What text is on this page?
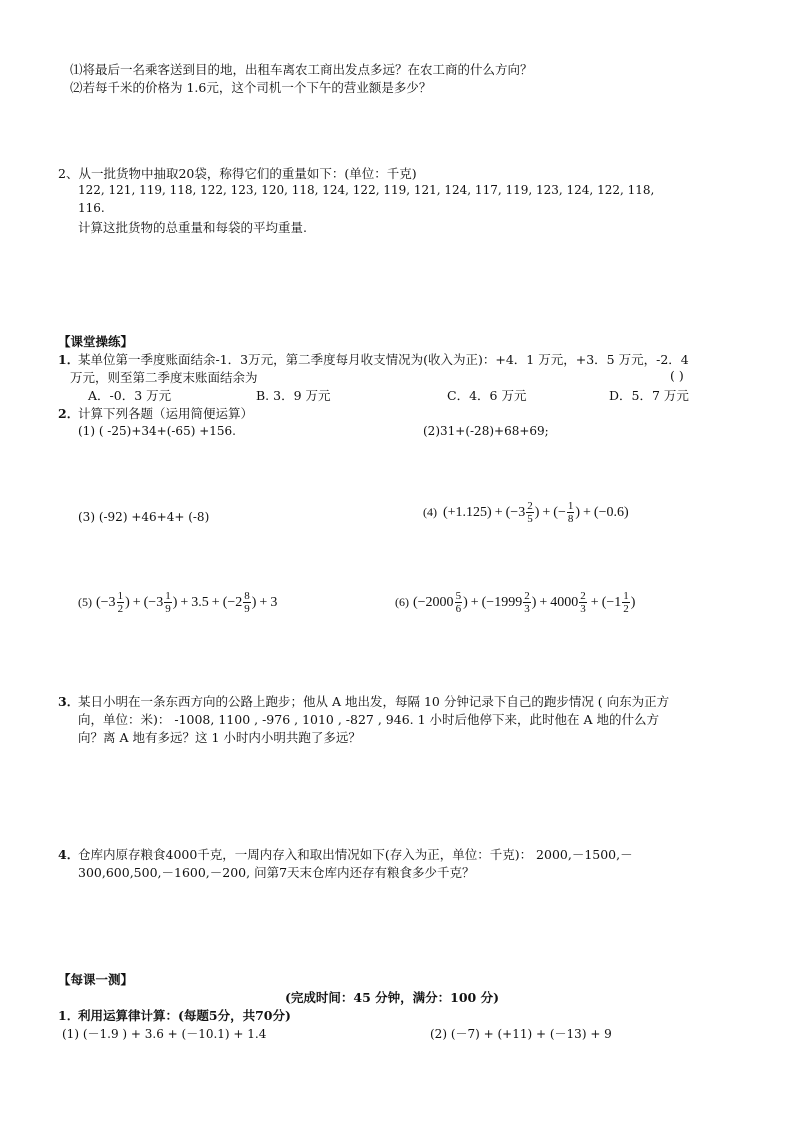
⑴将最后一名乘客送到目的地，出租车离农工商出发点多远？在农工商的什么方向？
⑵若每千米的价格为 1.6元，这个司机一个下午的营业额是多少？
2、从一批货物中抽取20袋，称得它们的重量如下：(单位：千克)
122, 121, 119, 118, 122, 123, 120, 118, 124, 122, 119, 121, 124, 117, 119, 123, 124, 122, 118,
116.
计算这批货物的总重量和每袋的平均重量.
【课堂操练】
1．
某单位第一季度账面结余-1．3万元，第二季度每月收支情况为(收入为正)：+4．1 万元，+3．5 万元，-2．4
万元，则至第二季度末账面结余为	( )
A．-0．3 万元	B. 3．9 万元	C．4．6 万元	D．5．7 万元
2．
计算下列各题（运用简便运算）
(1) ( -25)+34+(-65) +156.	(2)31+(-28)+68+69;
(3) (-92) +46+4+ (-8)	(4) $(+1.125) + (-3 \frac{2}{5}$ ) + (− $\frac{1}{8}$ ) + (−0.6)
(5) ($-3 \frac{1}{2}$ ) + ($-3 \frac{1}{9}$ ) + $3.5 + (-2 \frac{8}{9}$ ) + 3	(6) ($-2000 \frac{5}{6}$ ) + ($-1999 \frac{2}{3}$ ) + $4000 \frac{2}{3} + (-1 \frac{1}{2}$ )
3．
某日小明在一条东西方向的公路上跑步；他从 A 地出发，每隔 10 分钟记录下自己的跑步情况 ( 向东为正方
向，单位：米)： -1008, 1100 , -976 , 1010 , -827 , 946. 1 小时后他停下来，此时他在 A 地的什么方
向？离 A 地有多远？这 1 小时内小明共跑了多远？
4．
仓库内原存粮食4000千克，一周内存入和取出情况如下(存入为正，单位：千克)： 2000,－1500,－
300,600,500,－1600,－200, 问第7天末仓库内还存有粮食多少千克？
【每课一测】
(完成时间：45 分钟，满分：100 分)
1．
利用运算律计算：(每题5分，共70分)
(1) (－1.9 ) + 3.6 + (－10.1) + 1.4	(2) (－7) + (+11) + (－13) + 9
